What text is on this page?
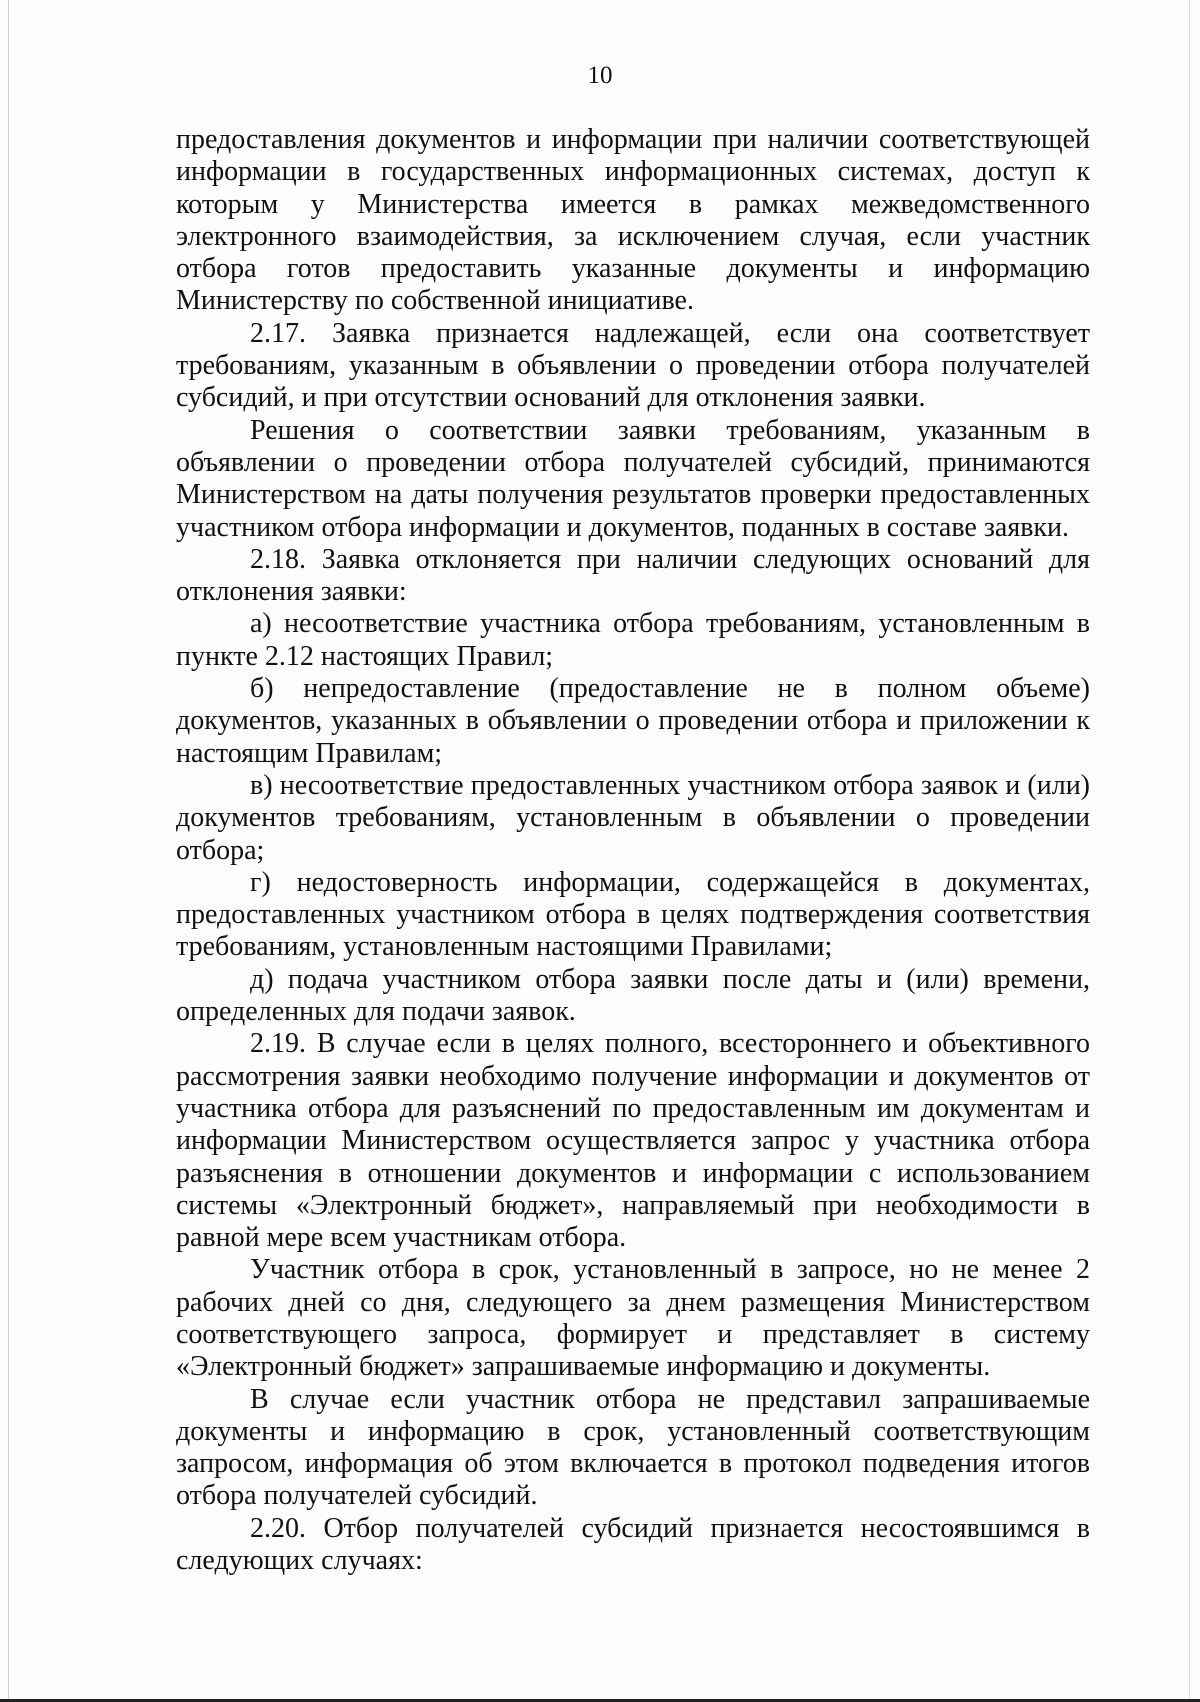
10

предоставления документов и информации при наличии соответствующей информации в государственных информационных системах, доступ к которым у Министерства имеется в рамках межведомственного электронного взаимодействия, за исключением случая, если участник отбора готов предоставить указанные документы и информацию Министерству по собственной инициативе.

2.17. Заявка признается надлежащей, если она соответствует требованиям, указанным в объявлении о проведении отбора получателей субсидий, и при отсутствии оснований для отклонения заявки.

Решения о соответствии заявки требованиям, указанным в объявлении о проведении отбора получателей субсидий, принимаются Министерством на даты получения результатов проверки предоставленных участником отбора информации и документов, поданных в составе заявки.

2.18. Заявка отклоняется при наличии следующих оснований для отклонения заявки:

а) несоответствие участника отбора требованиям, установленным в пункте 2.12 настоящих Правил;

б) непредоставление (предоставление не в полном объеме) документов, указанных в объявлении о проведении отбора и приложении к настоящим Правилам;

в) несоответствие предоставленных участником отбора заявок и (или) документов требованиям, установленным в объявлении о проведении отбора;

г) недостоверность информации, содержащейся в документах, предоставленных участником отбора в целях подтверждения соответствия требованиям, установленным настоящими Правилами;

д) подача участником отбора заявки после даты и (или) времени, определенных для подачи заявок.

2.19. В случае если в целях полного, всестороннего и объективного рассмотрения заявки необходимо получение информации и документов от участника отбора для разъяснений по предоставленным им документам и информации Министерством осуществляется запрос у участника отбора разъяснения в отношении документов и информации с использованием системы «Электронный бюджет», направляемый при необходимости в равной мере всем участникам отбора.

Участник отбора в срок, установленный в запросе, но не менее 2 рабочих дней со дня, следующего за днем размещения Министерством соответствующего запроса, формирует и представляет в систему «Электронный бюджет» запрашиваемые информацию и документы.

В случае если участник отбора не представил запрашиваемые документы и информацию в срок, установленный соответствующим запросом, информация об этом включается в протокол подведения итогов отбора получателей субсидий.

2.20. Отбор получателей субсидий признается несостоявшимся в следующих случаях:
